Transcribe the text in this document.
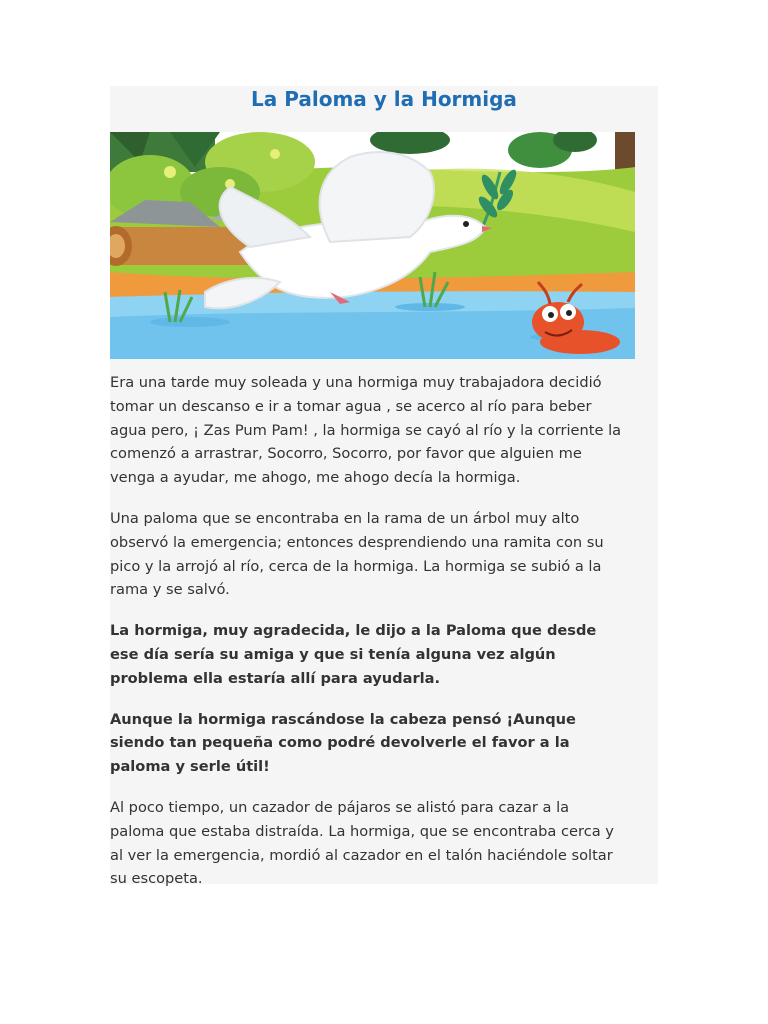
La Paloma y la Hormiga

Era una tarde muy soleada y una hormiga muy trabajadora decidió
tomar un descanso e ir a tomar agua , se acerco al río para beber
agua pero, ¡ Zas Pum Pam! , la hormiga se cayó al río y la corriente la
comenzó a arrastrar, Socorro, Socorro, por favor que alguien me
venga a ayudar, me ahogo, me ahogo decía la hormiga.

Una paloma que se encontraba en la rama de un árbol muy alto
observó la emergencia; entonces desprendiendo una ramita con su
pico y la arrojó al río, cerca de la hormiga. La hormiga se subió a la
rama y se salvó.

La hormiga, muy agradecida, le dijo a la Paloma que desde
ese día sería su amiga y que si tenía alguna vez algún
problema ella estaría allí para ayudarla.

Aunque la hormiga rascándose la cabeza pensó ¡Aunque
siendo tan pequeña como podré devolverle el favor a la
paloma y serle útil!

Al poco tiempo, un cazador de pájaros se alistó para cazar a la
paloma que estaba distraída. La hormiga, que se encontraba cerca y
al ver la emergencia, mordió al cazador en el talón haciéndole soltar
su escopeta.
